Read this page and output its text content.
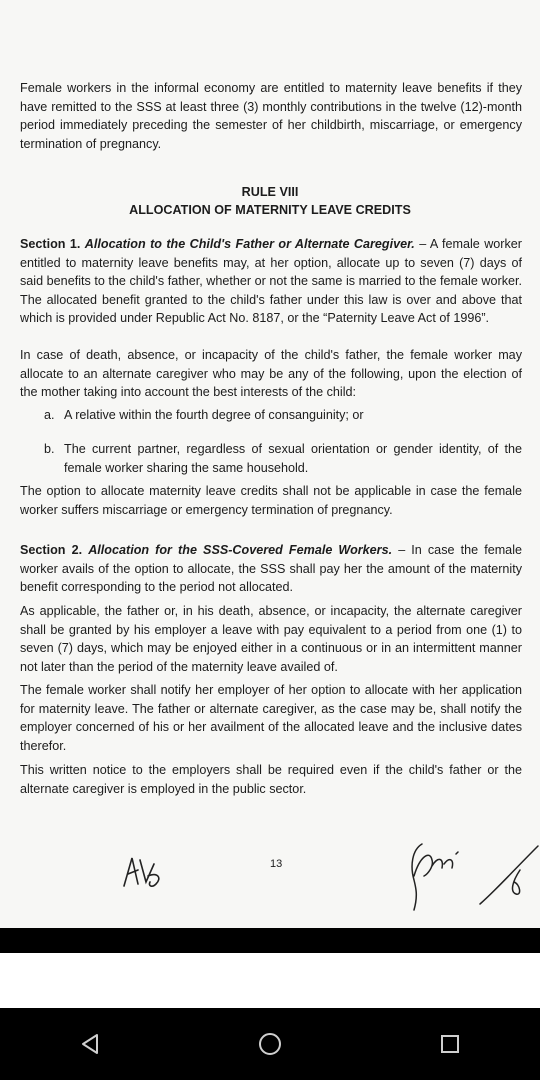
Female workers in the informal economy are entitled to maternity leave benefits if they have remitted to the SSS at least three (3) monthly contributions in the twelve (12)-month period immediately preceding the semester of her childbirth, miscarriage, or emergency termination of pregnancy.

RULE VIII
ALLOCATION OF MATERNITY LEAVE CREDITS

Section 1. Allocation to the Child's Father or Alternate Caregiver. – A female worker entitled to maternity leave benefits may, at her option, allocate up to seven (7) days of said benefits to the child's father, whether or not the same is married to the female worker. The allocated benefit granted to the child's father under this law is over and above that which is provided under Republic Act No. 8187, or the “Paternity Leave Act of 1996”.

In case of death, absence, or incapacity of the child's father, the female worker may allocate to an alternate caregiver who may be any of the following, upon the election of the mother taking into account the best interests of the child:

a. A relative within the fourth degree of consanguinity; or
b. The current partner, regardless of sexual orientation or gender identity, of the female worker sharing the same household.

The option to allocate maternity leave credits shall not be applicable in case the female worker suffers miscarriage or emergency termination of pregnancy.

Section 2. Allocation for the SSS-Covered Female Workers. – In case the female worker avails of the option to allocate, the SSS shall pay her the amount of the maternity benefit corresponding to the period not allocated.

As applicable, the father or, in his death, absence, or incapacity, the alternate caregiver shall be granted by his employer a leave with pay equivalent to a period from one (1) to seven (7) days, which may be enjoyed either in a continuous or in an intermittent manner not later than the period of the maternity leave availed of.

The female worker shall notify her employer of her option to allocate with her application for maternity leave. The father or alternate caregiver, as the case may be, shall notify the employer concerned of his or her availment of the allocated leave and the inclusive dates therefor.

This written notice to the employers shall be required even if the child's father or the alternate caregiver is employed in the public sector.

13
